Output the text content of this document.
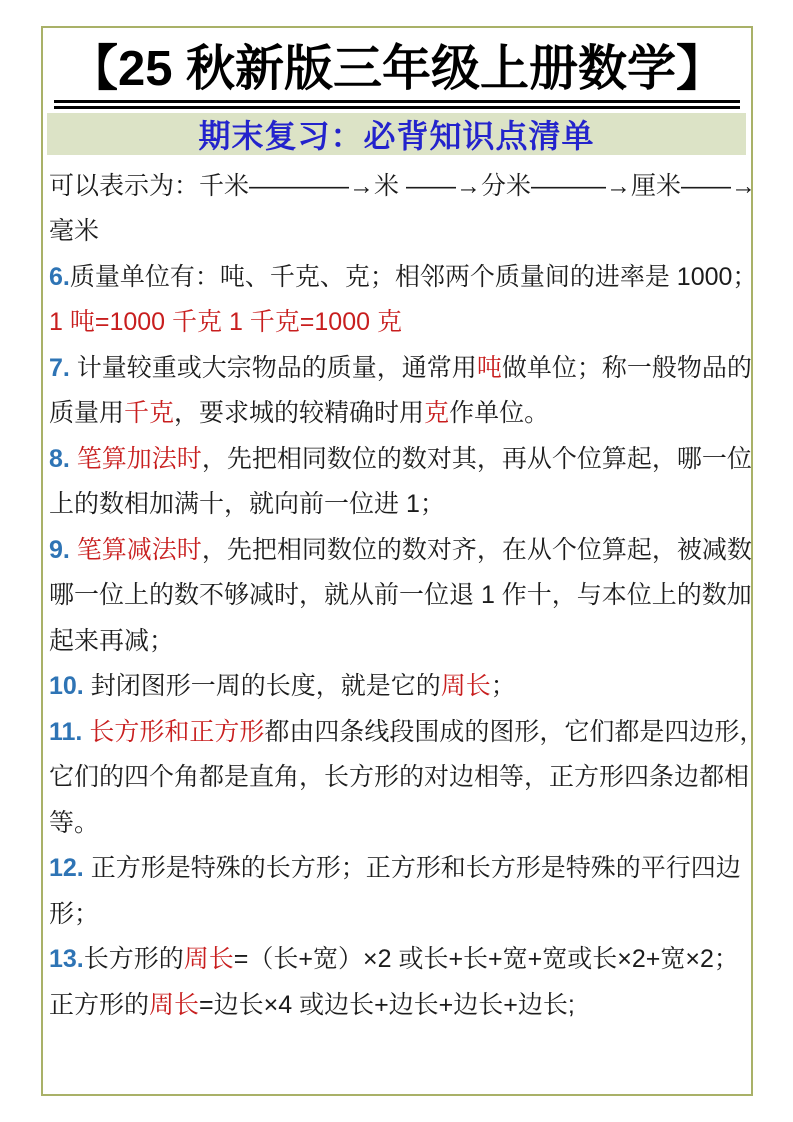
【25 秋新版三年级上册数学】
期末复习：必背知识点清单
可以表示为：千米————→米 ——→分米———→厘米——→
毫米
6.质量单位有：吨、千克、克；相邻两个质量间的进率是 1000；
1 吨=1000 千克 1 千克=1000 克
7. 计量较重或大宗物品的质量，通常用吨做单位；称一般物品的
质量用千克，要求城的较精确时用克作单位。
8. 笔算加法时，先把相同数位的数对其，再从个位算起，哪一位
上的数相加满十，就向前一位进 1；
9. 笔算减法时，先把相同数位的数对齐，在从个位算起，被减数
哪一位上的数不够减时，就从前一位退 1 作十，与本位上的数加
起来再减；
10. 封闭图形一周的长度，就是它的周长；
11. 长方形和正方形都由四条线段围成的图形，它们都是四边形，
它们的四个角都是直角，长方形的对边相等，正方形四条边都相
等。
12. 正方形是特殊的长方形；正方形和长方形是特殊的平行四边
形；
13.长方形的周长=（长+宽）×2 或长+长+宽+宽或长×2+宽×2；
正方形的周长=边长×4 或边长+边长+边长+边长;
